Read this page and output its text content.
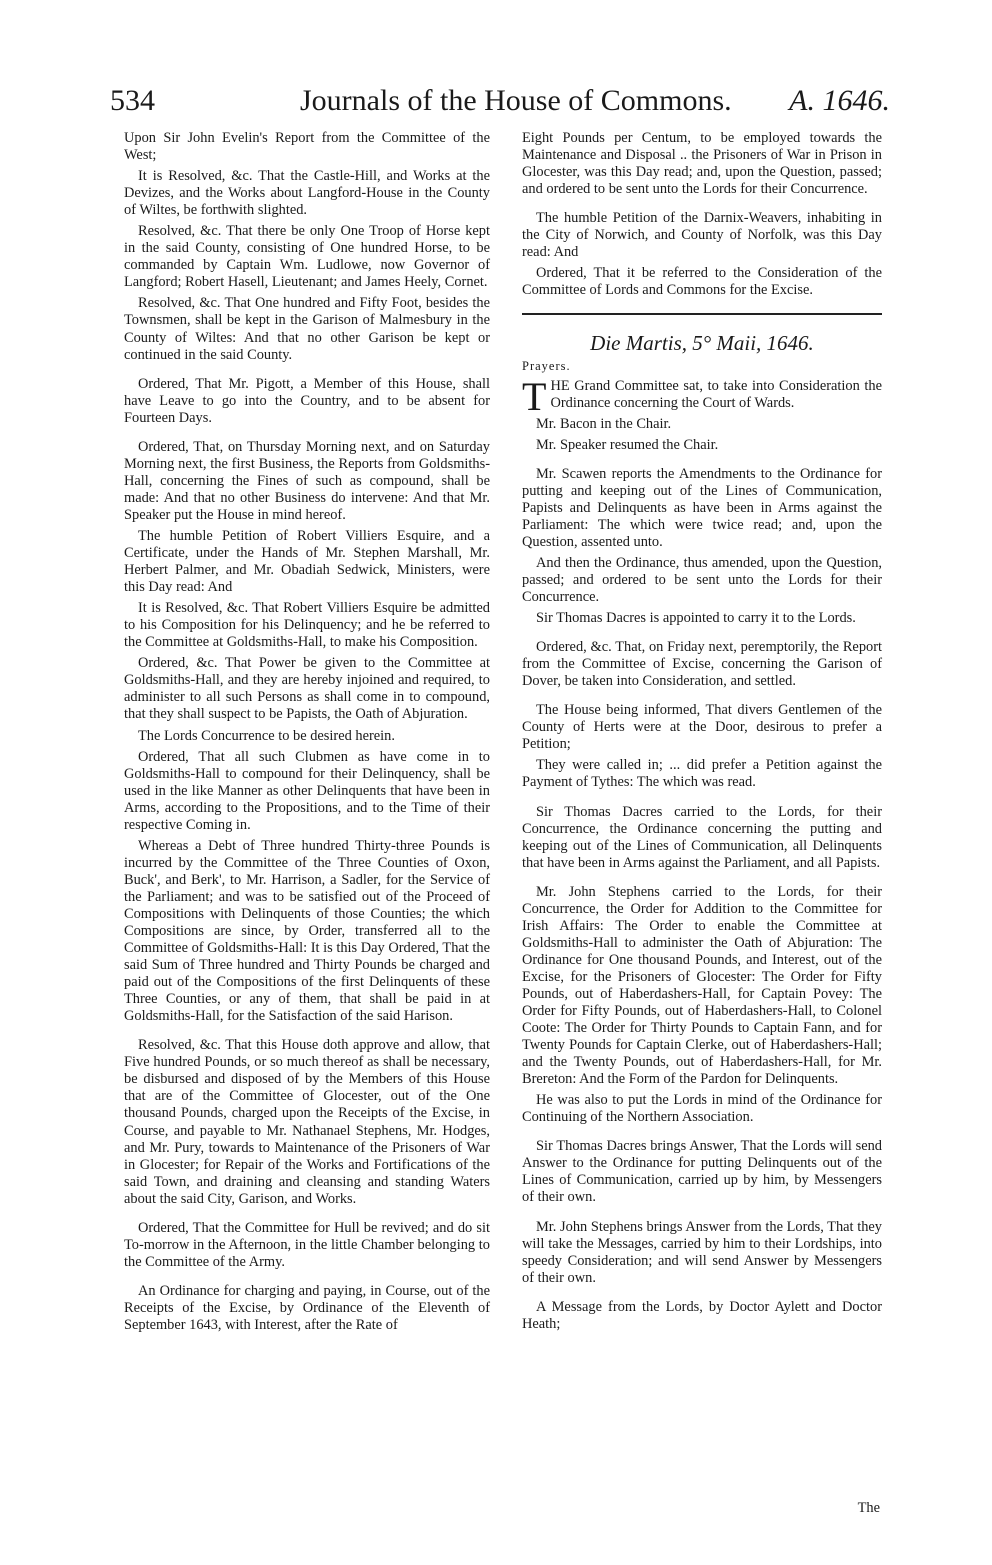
534	Journals of the House of Commons. A. 1646.

Upon Sir John Evelin's Report from the Committee of the West;

It is Resolved, &c. That the Castle-Hill, and Works at the Devizes, and the Works about Langford-House in the County of Wiltes, be forthwith slighted.

Resolved, &c. That there be only One Troop of Horse kept in the said County, consisting of One hundred Horse, to be commanded by Captain Wm. Ludlowe, now Governor of Langford; Robert Hasell, Lieutenant; and James Heely, Cornet.

Resolved, &c. That One hundred and Fifty Foot, besides the Townsmen, shall be kept in the Garison of Malmesbury in the County of Wiltes: And that no other Garison be kept or continued in the said County.

Ordered, That Mr. Pigott, a Member of this House, shall have Leave to go into the Country, and to be absent for Fourteen Days.

Ordered, That, on Thursday Morning next, and on Saturday Morning next, the first Business, the Reports from Goldsmiths-Hall, concerning the Fines of such as compound, shall be made: And that no other Business do intervene: And that Mr. Speaker put the House in mind hereof.

The humble Petition of Robert Villiers Esquire, and a Certificate, under the Hands of Mr. Stephen Marshall, Mr. Herbert Palmer, and Mr. Obadiah Sedwick, Ministers, were this Day read: And

It is Resolved, &c. That Robert Villiers Esquire be admitted to his Composition for his Delinquency; and he be referred to the Committee at Goldsmiths-Hall, to make his Composition.

Ordered, &c. That Power be given to the Committee at Goldsmiths-Hall, and they are hereby injoined and required, to administer to all such Persons as shall come in to compound, that they shall suspect to be Papists, the Oath of Abjuration.

The Lords Concurrence to be desired herein.

Ordered, That all such Clubmen as have come in to Goldsmiths-Hall to compound for their Delinquency, shall be used in the like Manner as other Delinquents that have been in Arms, according to the Propositions, and to the Time of their respective Coming in.

Whereas a Debt of Three hundred Thirty-three Pounds is incurred by the Committee of the Three Counties of Oxon, Buck', and Berk', to Mr. Harrison, a Sadler, for the Service of the Parliament; and was to be satisfied out of the Proceed of Compositions with Delinquents of those Counties; the which Compositions are since, by Order, transferred all to the Committee of Goldsmiths-Hall: It is this Day Ordered, That the said Sum of Three hundred and Thirty Pounds be charged and paid out of the Compositions of the first Delinquents of these Three Counties, or any of them, that shall be paid in at Goldsmiths-Hall, for the Satisfaction of the said Harison.

Resolved, &c. That this House doth approve and allow, that Five hundred Pounds, or so much thereof as shall be necessary, be disbursed and disposed of by the Members of this House that are of the Committee of Glocester, out of the One thousand Pounds, charged upon the Receipts of the Excise, in Course, and payable to Mr. Nathanael Stephens, Mr. Hodges, and Mr. Pury, towards to Maintenance of the Prisoners of War in Glocester; for Repair of the Works and Fortifications of the said Town, and draining and cleansing and standing Waters about the said City, Garison, and Works.

Ordered, That the Committee for Hull be revived; and do sit To-morrow in the Afternoon, in the little Chamber belonging to the Committee of the Army.

An Ordinance for charging and paying, in Course, out of the Receipts of the Excise, by Ordinance of the Eleventh of September 1643, with Interest, after the Rate of

Eight Pounds per Centum, to be employed towards the Maintenance and Disposal .. the Prisoners of War in Prison in Glocester, was this Day read; and, upon the Question, passed; and ordered to be sent unto the Lords for their Concurrence.

The humble Petition of the Darnix-Weavers, inhabiting in the City of Norwich, and County of Norfolk, was this Day read: And

Ordered, That it be referred to the Consideration of the Committee of Lords and Commons for the Excise.

Die Martis, 5° Maii, 1646.
Prayers.

THE Grand Committee sat, to take into Consideration the Ordinance concerning the Court of Wards.

Mr. Bacon in the Chair.

Mr. Speaker resumed the Chair.

Mr. Scawen reports the Amendments to the Ordinance for putting and keeping out of the Lines of Communication, Papists and Delinquents as have been in Arms against the Parliament: The which were twice read; and, upon the Question, assented unto.

And then the Ordinance, thus amended, upon the Question, passed; and ordered to be sent unto the Lords for their Concurrence.

Sir Thomas Dacres is appointed to carry it to the Lords.

Ordered, &c. That, on Friday next, peremptorily, the Report from the Committee of Excise, concerning the Garison of Dover, be taken into Consideration, and settled.

The House being informed, That divers Gentlemen of the County of Herts were at the Door, desirous to prefer a Petition;

They were called in; ... did prefer a Petition against the Payment of Tythes: The which was read.

Sir Thomas Dacres carried to the Lords, for their Concurrence, the Ordinance concerning the putting and keeping out of the Lines of Communication, all Delinquents that have been in Arms against the Parliament, and all Papists.

Mr. John Stephens carried to the Lords, for their Concurrence, the Order for Addition to the Committee for Irish Affairs: The Order to enable the Committee at Goldsmiths-Hall to administer the Oath of Abjuration: The Ordinance for One thousand Pounds, and Interest, out of the Excise, for the Prisoners of Glocester: The Order for Fifty Pounds, out of Haberdashers-Hall, for Captain Povey: The Order for Fifty Pounds, out of Haberdashers-Hall, to Colonel Coote: The Order for Thirty Pounds to Captain Fann, and for Twenty Pounds for Captain Clerke, out of Haberdashers-Hall; and the Twenty Pounds, out of Haberdashers-Hall, for Mr. Brereton: And the Form of the Pardon for Delinquents.

He was also to put the Lords in mind of the Ordinance for Continuing of the Northern Association.

Sir Thomas Dacres brings Answer, That the Lords will send Answer to the Ordinance for putting Delinquents out of the Lines of Communication, carried up by him, by Messengers of their own.

Mr. John Stephens brings Answer from the Lords, That they will take the Messages, carried by him to their Lordships, into speedy Consideration; and will send Answer by Messengers of their own.

A Message from the Lords, by Doctor Aylett and Doctor Heath;

The
